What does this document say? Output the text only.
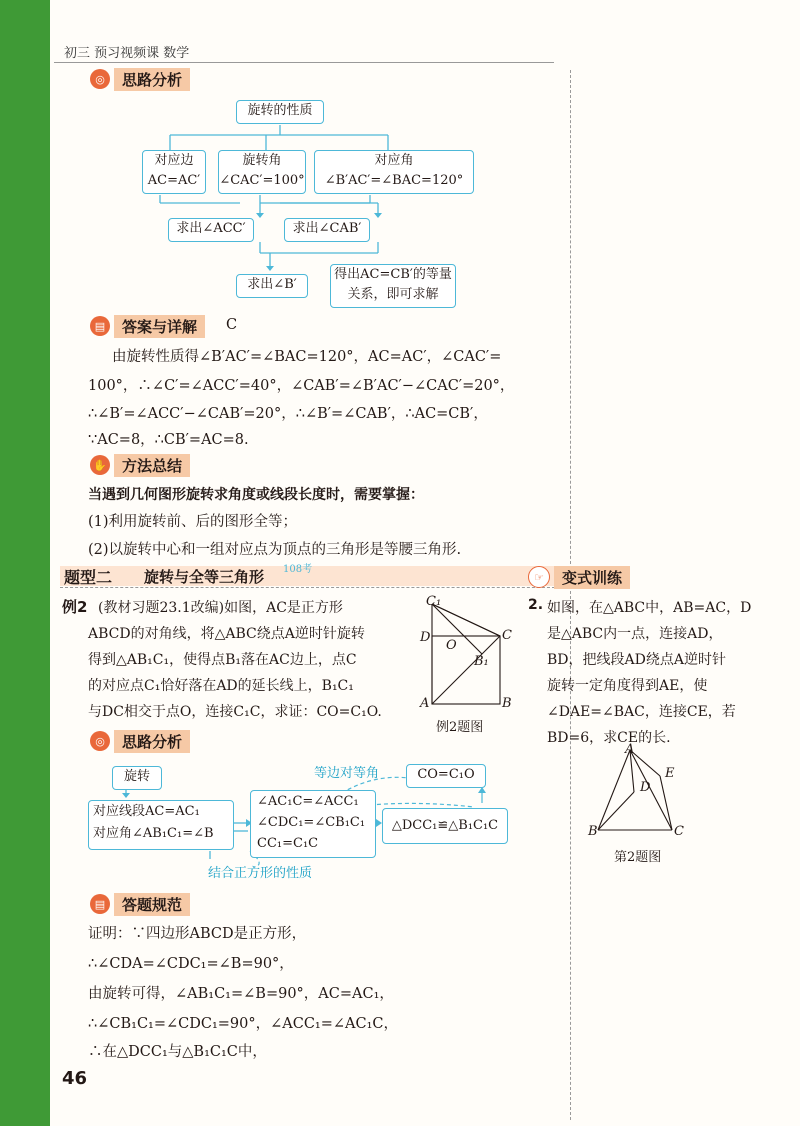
初三 预习视频课 数学
◎	思路分析
旋转的性质
对应边
AC=AC′
旋转角
∠CAC′=100°
对应角
∠B′AC′=∠BAC=120°
求出∠ACC′	求出∠CAB′
求出∠B′
得出AC=CB′的等量
关系，即可求解
▤	答案与详解	C
由旋转性质得∠B′AC′=∠BAC=120°，AC=AC′，∠CAC′=
100°，∴∠C′=∠ACC′=40°，∠CAB′=∠B′AC′−∠CAC′=20°，
∴∠B′=∠ACC′−∠CAB′=20°，∴∠B′=∠CAB′，∴AC=CB′，
∵AC=8，∴CB′=AC=8.
✋	方法总结
当遇到几何图形旋转求角度或线段长度时，需要掌握：
(1)利用旋转前、后的图形全等；
(2)以旋转中心和一组对应点为顶点的三角形是等腰三角形.
题型二 旋转与全等三角形 108考
例2 (教材习题23.1改编)如图，AC是正方形
ABCD的对角线，将△ABC绕点A逆时针旋转
得到△AB₁C₁，使得点B₁落在AC边上，点C
的对应点C₁恰好落在AD的延长线上，B₁C₁
与DC相交于点O，连接C₁C，求证：CO=C₁O.
C₁
D	C
O
B₁
A	B
例2题图
◎	思路分析
旋转
对应线段AC=AC₁
对应角∠AB₁C₁=∠B
∠AC₁C=∠ACC₁
∠CDC₁=∠CB₁C₁
CC₁=C₁C
△DCC₁≌△B₁C₁C
CO=C₁O
等边对等角
结合正方形的性质
▤	答题规范
证明：∵四边形ABCD是正方形，
∴∠CDA=∠CDC₁=∠B=90°，
由旋转可得，∠AB₁C₁=∠B=90°，AC=AC₁，
∴∠CB₁C₁=∠CDC₁=90°，∠ACC₁=∠AC₁C，
∴在△DCC₁与△B₁C₁C中，
46
☞	变式训练
2. 如图，在△ABC中，AB=AC，D
是△ABC内一点，连接AD，
BD，把线段AD绕点A逆时针
旋转一定角度得到AE，使
∠DAE=∠BAC，连接CE，若
BD=6，求CE的长.
A
E
D
B	C
第2题图
